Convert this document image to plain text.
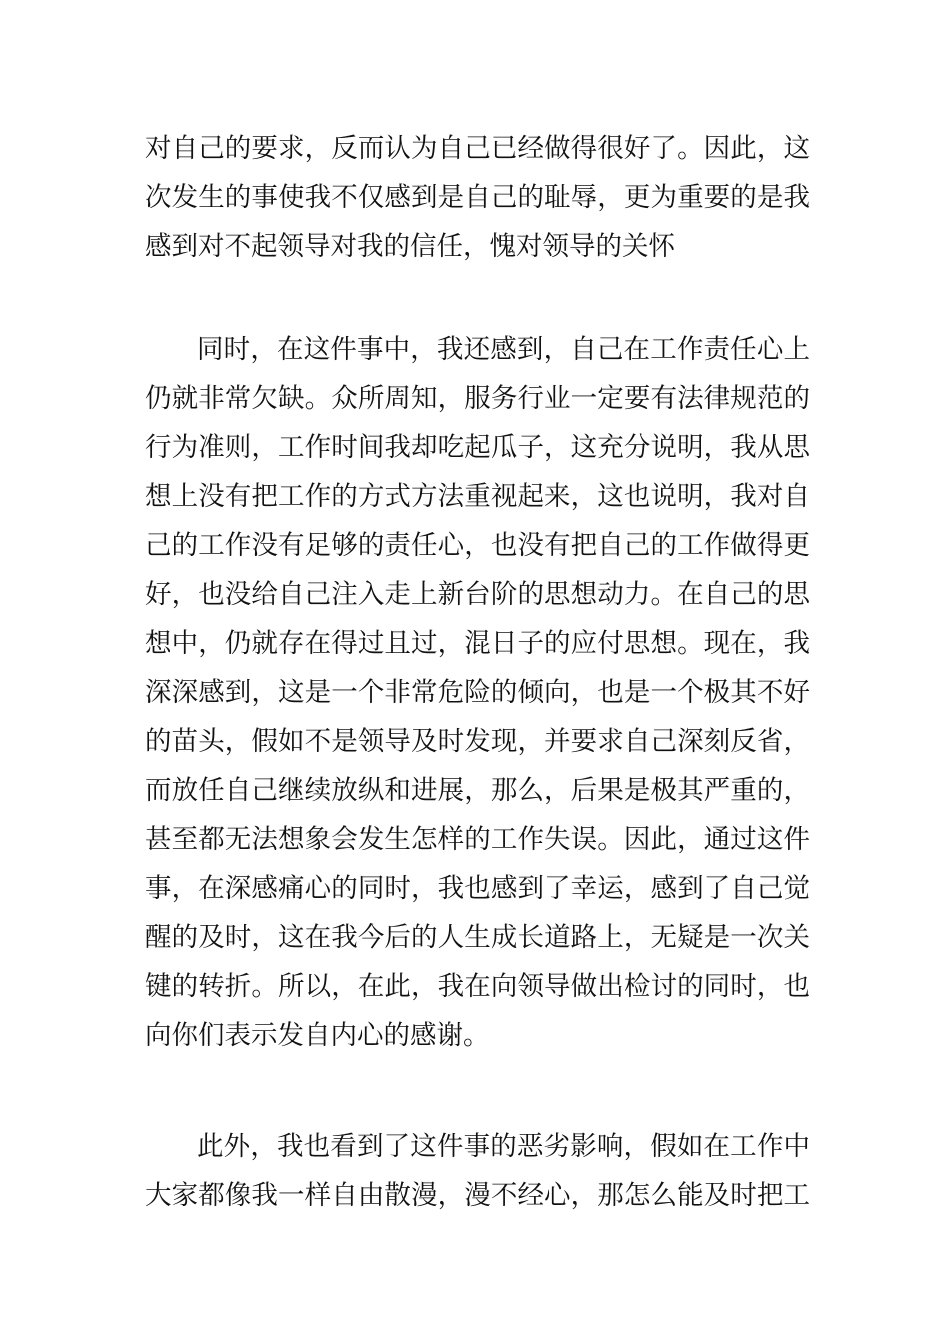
对自己的要求，反而认为自己已经做得很好了。因此，这
次发生的事使我不仅感到是自己的耻辱，更为重要的是我
感到对不起领导对我的信任，愧对领导的关怀
同时，在这件事中，我还感到，自己在工作责任心上
仍就非常欠缺。众所周知，服务行业一定要有法律规范的
行为准则，工作时间我却吃起瓜子，这充分说明，我从思
想上没有把工作的方式方法重视起来，这也说明，我对自
己的工作没有足够的责任心，也没有把自己的工作做得更
好，也没给自己注入走上新台阶的思想动力。在自己的思
想中，仍就存在得过且过，混日子的应付思想。现在，我
深深感到，这是一个非常危险的倾向，也是一个极其不好
的苗头，假如不是领导及时发现，并要求自己深刻反省，
而放任自己继续放纵和进展，那么，后果是极其严重的，
甚至都无法想象会发生怎样的工作失误。因此，通过这件
事，在深感痛心的同时，我也感到了幸运，感到了自己觉
醒的及时，这在我今后的人生成长道路上，无疑是一次关
键的转折。所以，在此，我在向领导做出检讨的同时，也
向你们表示发自内心的感谢。
此外，我也看到了这件事的恶劣影响，假如在工作中
大家都像我一样自由散漫，漫不经心，那怎么能及时把工
